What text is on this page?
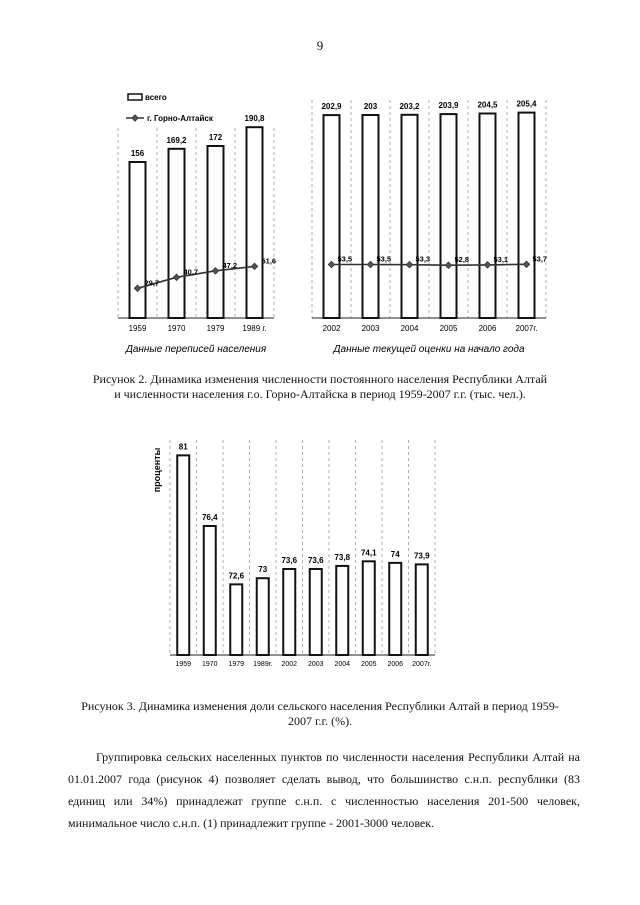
9
156
1959
169,2
1970
172
1979
190,8
1989 г.
29,7
40,7
47,2	51,6
Данные переписей населения
202,9
2002
203
2003
203,2
2004
203,9
2005
204,5
2006
205,4
2007г.
53,5	53,5	53,3	52,8	53,1	53,7
Данные текущей оценки на начало года
всего
г. Горно-Алтайск
81
1959
76,4
1970
72,6
1979
73
1989г.
73,6
2002
73,6
2003
73,8
2004
74,1
2005
74
2006
73,9
2007г.
проценты
Рисунок 2. Динамика изменения численности постоянного населения Республики Алтай и численности населения г.о. Горно-Алтайска в период 1959-2007 г.г. (тыс. чел.).
Рисунок 3. Динамика изменения доли сельского населения Республики Алтай в период 1959-2007 г.г. (%).
Группировка сельских населенных пунктов по численности населения Республики Алтай на 01.01.2007 года (рисунок 4) позволяет сделать вывод, что большинство с.н.п. республики (83 единиц или 34%) принадлежат группе с.н.п. с численностью населения 201-500 человек, минимальное число с.н.п. (1) принадлежит группе - 2001-3000 человек.
